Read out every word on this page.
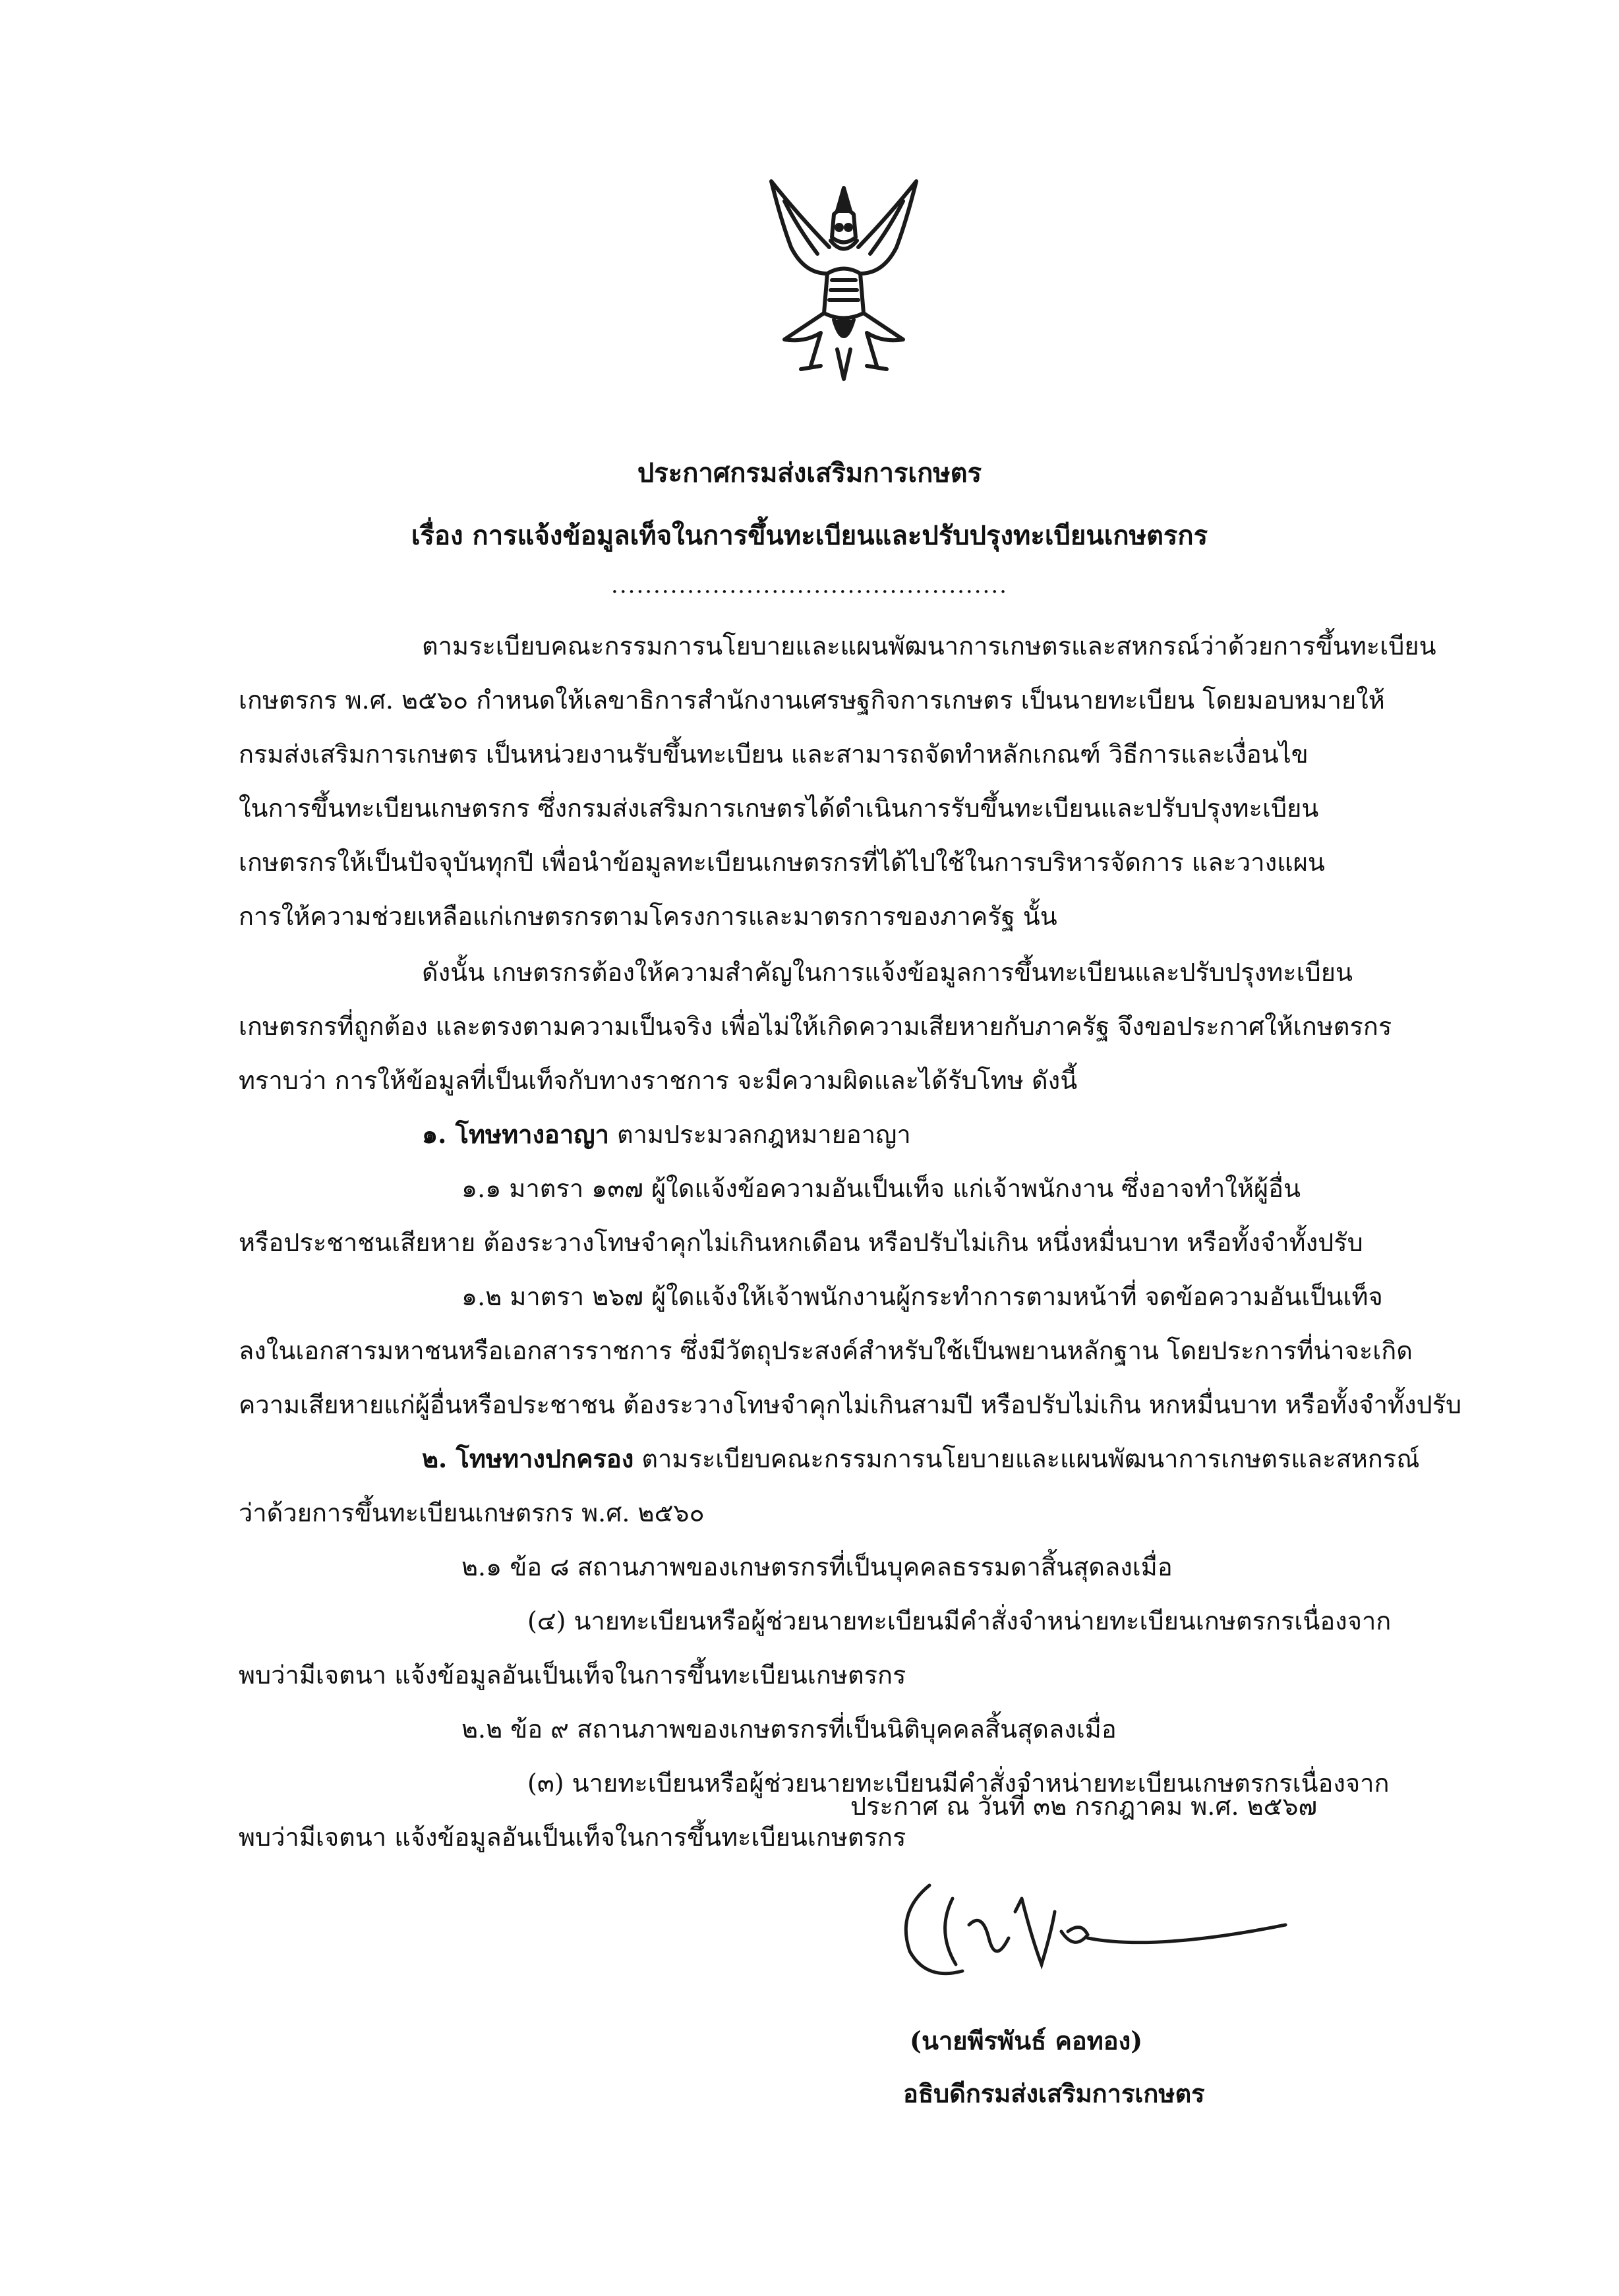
ประกาศกรมส่งเสริมการเกษตร
เรื่อง การแจ้งข้อมูลเท็จในการขึ้นทะเบียนและปรับปรุงทะเบียนเกษตรกร
...............................................
ตามระเบียบคณะกรรมการนโยบายและแผนพัฒนาการเกษตรและสหกรณ์ว่าด้วยการขึ้นทะเบียน
เกษตรกร พ.ศ. ๒๕๖๐ กำหนดให้เลขาธิการสำนักงานเศรษฐกิจการเกษตร เป็นนายทะเบียน โดยมอบหมายให้
กรมส่งเสริมการเกษตร เป็นหน่วยงานรับขึ้นทะเบียน และสามารถจัดทำหลักเกณฑ์ วิธีการและเงื่อนไข
ในการขึ้นทะเบียนเกษตรกร ซึ่งกรมส่งเสริมการเกษตรได้ดำเนินการรับขึ้นทะเบียนและปรับปรุงทะเบียน
เกษตรกรให้เป็นปัจจุบันทุกปี เพื่อนำข้อมูลทะเบียนเกษตรกรที่ได้ไปใช้ในการบริหารจัดการ และวางแผน
การให้ความช่วยเหลือแก่เกษตรกรตามโครงการและมาตรการของภาครัฐ นั้น
ดังนั้น เกษตรกรต้องให้ความสำคัญในการแจ้งข้อมูลการขึ้นทะเบียนและปรับปรุงทะเบียน
เกษตรกรที่ถูกต้อง และตรงตามความเป็นจริง เพื่อไม่ให้เกิดความเสียหายกับภาครัฐ จึงขอประกาศให้เกษตรกร
ทราบว่า การให้ข้อมูลที่เป็นเท็จกับทางราชการ จะมีความผิดและได้รับโทษ ดังนี้
๑. โทษทางอาญา ตามประมวลกฎหมายอาญา
๑.๑ มาตรา ๑๓๗ ผู้ใดแจ้งข้อความอันเป็นเท็จ แก่เจ้าพนักงาน ซึ่งอาจทำให้ผู้อื่น
หรือประชาชนเสียหาย ต้องระวางโทษจำคุกไม่เกินหกเดือน หรือปรับไม่เกิน หนึ่งหมื่นบาท หรือทั้งจำทั้งปรับ
๑.๒ มาตรา ๒๖๗ ผู้ใดแจ้งให้เจ้าพนักงานผู้กระทำการตามหน้าที่ จดข้อความอันเป็นเท็จ
ลงในเอกสารมหาชนหรือเอกสารราชการ ซึ่งมีวัตถุประสงค์สำหรับใช้เป็นพยานหลักฐาน โดยประการที่น่าจะเกิด
ความเสียหายแก่ผู้อื่นหรือประชาชน ต้องระวางโทษจำคุกไม่เกินสามปี หรือปรับไม่เกิน หกหมื่นบาท หรือทั้งจำทั้งปรับ
๒. โทษทางปกครอง ตามระเบียบคณะกรรมการนโยบายและแผนพัฒนาการเกษตรและสหกรณ์
ว่าด้วยการขึ้นทะเบียนเกษตรกร พ.ศ. ๒๕๖๐
๒.๑ ข้อ ๘ สถานภาพของเกษตรกรที่เป็นบุคคลธรรมดาสิ้นสุดลงเมื่อ
(๔) นายทะเบียนหรือผู้ช่วยนายทะเบียนมีคำสั่งจำหน่ายทะเบียนเกษตรกรเนื่องจาก
พบว่ามีเจตนา แจ้งข้อมูลอันเป็นเท็จในการขึ้นทะเบียนเกษตรกร
๒.๒ ข้อ ๙ สถานภาพของเกษตรกรที่เป็นนิติบุคคลสิ้นสุดลงเมื่อ
(๓) นายทะเบียนหรือผู้ช่วยนายทะเบียนมีคำสั่งจำหน่ายทะเบียนเกษตรกรเนื่องจาก
พบว่ามีเจตนา แจ้งข้อมูลอันเป็นเท็จในการขึ้นทะเบียนเกษตรกร
ประกาศ ณ วันที่ ๓๒ กรกฎาคม พ.ศ. ๒๕๖๗
(นายพีรพันธ์ คอทอง)
อธิบดีกรมส่งเสริมการเกษตร
